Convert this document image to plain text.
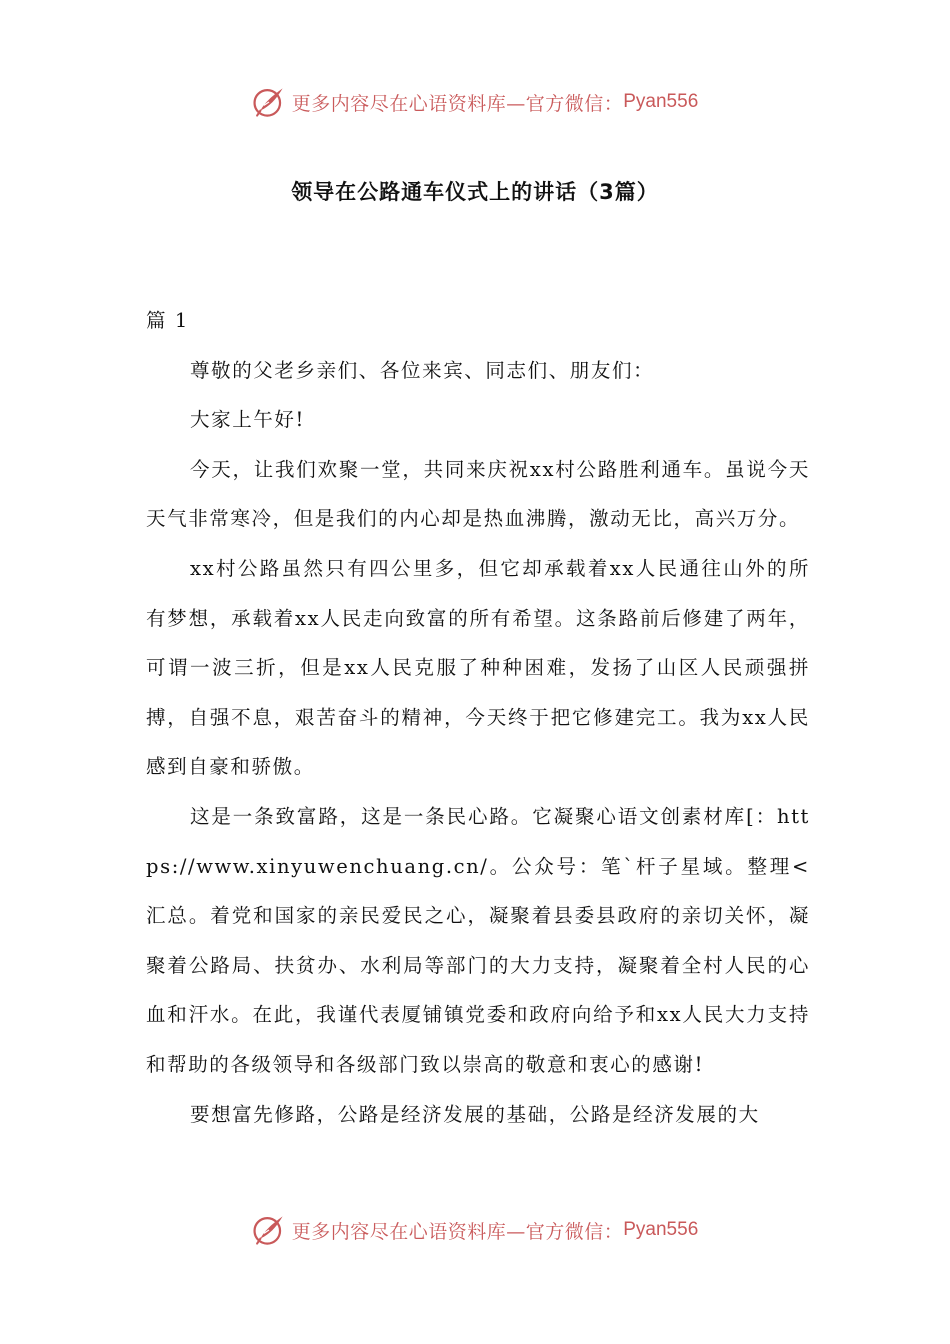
更多内容尽在心语资料库—官方微信： Pyan556
领导在公路通车仪式上的讲话（3篇）

篇 1

尊敬的父老乡亲们、各位来宾、同志们、朋友们：

大家上午好!

今天，让我们欢聚一堂，共同来庆祝xx村公路胜利通车。虽说今天天气非常寒冷，但是我们的内心却是热血沸腾，激动无比，高兴万分。

xx村公路虽然只有四公里多，但它却承载着xx人民通往山外的所有梦想，承载着xx人民走向致富的所有希望。这条路前后修建了两年，可谓一波三折，但是xx人民克服了种种困难，发扬了山区人民顽强拼搏，自强不息，艰苦奋斗的精神，今天终于把它修建完工。我为xx人民感到自豪和骄傲。

这是一条致富路，这是一条民心路。它凝聚心语文创素材库[：https://www.xinyuwenchuang.cn/。公众号：笔`杆子星域。整理<汇总。着党和国家的亲民爱民之心，凝聚着县委县政府的亲切关怀，凝聚着公路局、扶贫办、水利局等部门的大力支持，凝聚着全村人民的心血和汗水。在此，我谨代表厦铺镇党委和政府向给予和xx人民大力支持和帮助的各级领导和各级部门致以崇高的敬意和衷心的感谢!

要想富先修路，公路是经济发展的基础，公路是经济发展的大

更多内容尽在心语资料库—官方微信： Pyan556
